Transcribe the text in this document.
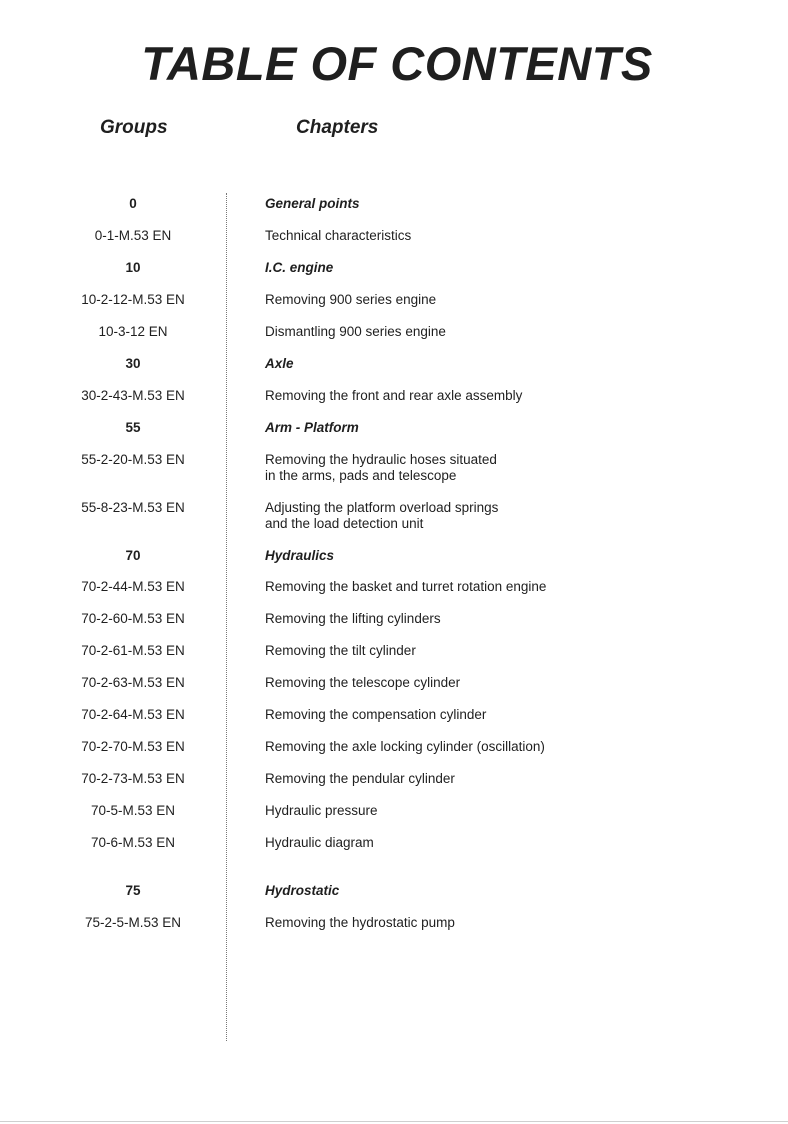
TABLE OF CONTENTS
Groups	Chapters
0	General points
0-1-M.53 EN	Technical characteristics
10	I.C. engine
10-2-12-M.53 EN	Removing 900 series engine
10-3-12 EN	Dismantling 900 series engine
30	Axle
30-2-43-M.53 EN	Removing the front and rear axle assembly
55	Arm - Platform
55-2-20-M.53 EN	Removing the hydraulic hoses situated
in the arms, pads and telescope
55-8-23-M.53 EN	Adjusting the platform overload springs
and the load detection unit
70	Hydraulics
70-2-44-M.53 EN	Removing the basket and turret rotation engine
70-2-60-M.53 EN	Removing the lifting cylinders
70-2-61-M.53 EN	Removing the tilt cylinder
70-2-63-M.53 EN	Removing the telescope cylinder
70-2-64-M.53 EN	Removing the compensation cylinder
70-2-70-M.53 EN	Removing the axle locking cylinder (oscillation)
70-2-73-M.53 EN	Removing the pendular cylinder
70-5-M.53 EN	Hydraulic pressure
70-6-M.53 EN	Hydraulic diagram
75	Hydrostatic
75-2-5-M.53 EN	Removing the hydrostatic pump
